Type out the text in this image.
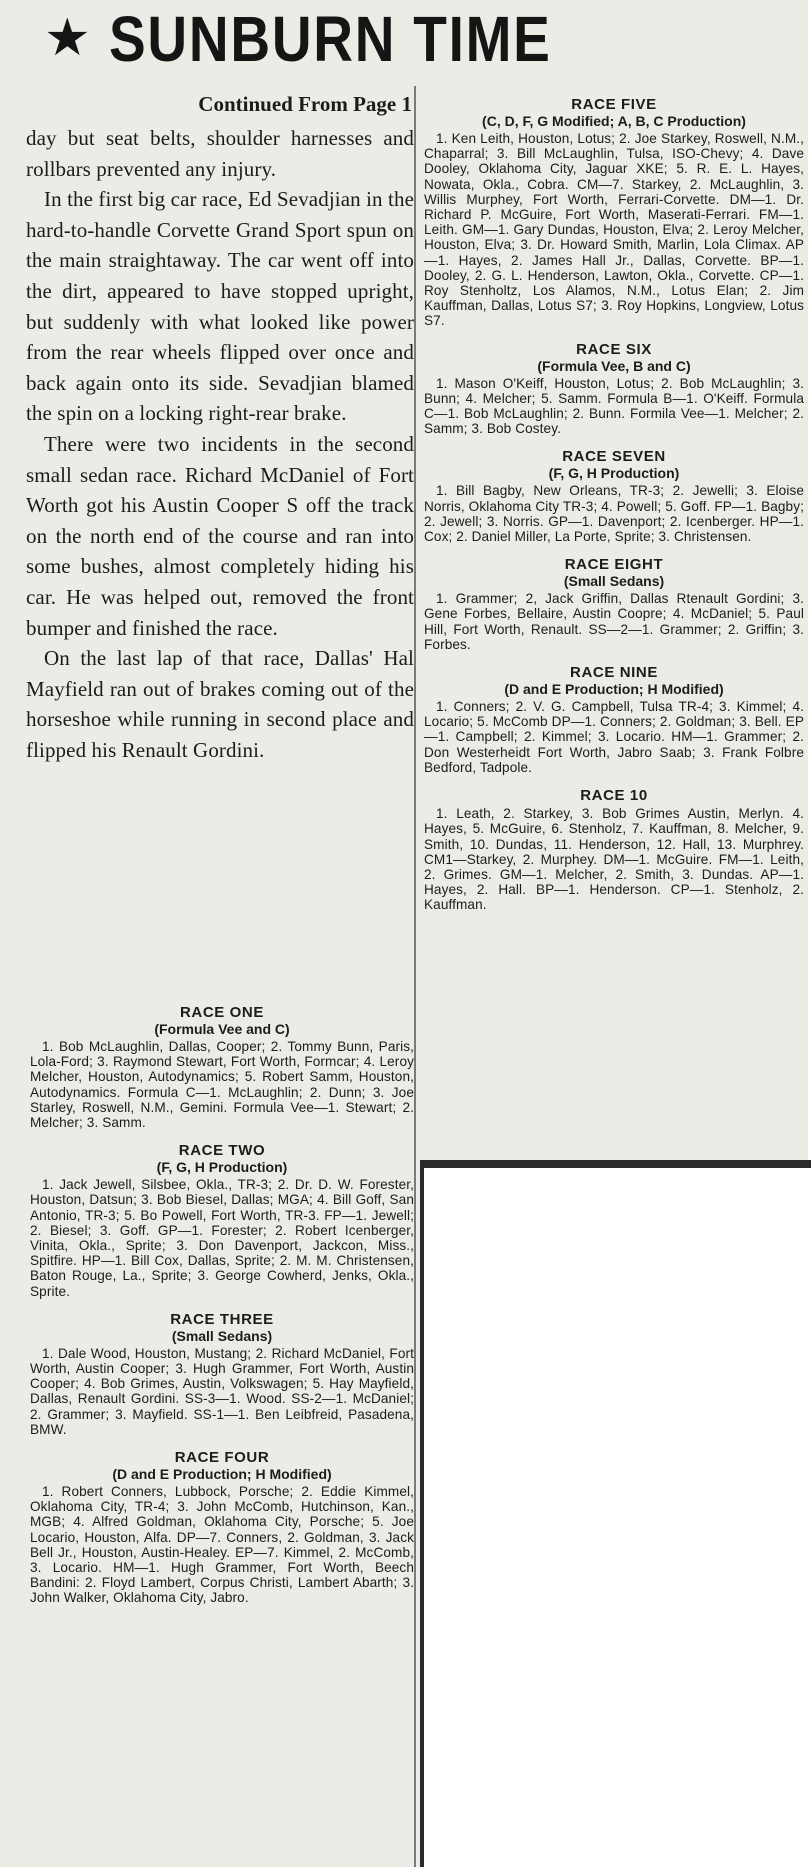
★ SUNBURN TIME

Continued From Page 1

day but seat belts, shoulder harnesses and rollbars prevented any injury.

In the first big car race, Ed Sevadjian in the hard-to-handle Corvette Grand Sport spun on the main straightaway. The car went off into the dirt, appeared to have stopped upright, but suddenly with what looked like power from the rear wheels flipped over once and back again onto its side. Sevadjian blamed the spin on a locking right-rear brake.

There were two incidents in the second small sedan race. Richard McDaniel of Fort Worth got his Austin Cooper S off the track on the north end of the course and ran into some bushes, almost completely hiding his car. He was helped out, removed the front bumper and finished the race.

On the last lap of that race, Dallas' Hal Mayfield ran out of brakes coming out of the horseshoe while running in second place and flipped his Renault Gordini.

RACE ONE

(Formula Vee and C)

1. Bob McLaughlin, Dallas, Cooper; 2. Tommy Bunn, Paris, Lola-Ford; 3. Raymond Stewart, Fort Worth, Formcar; 4. Leroy Melcher, Houston, Autodynamics; 5. Robert Samm, Houston, Autodynamics. Formula C—1. McLaughlin; 2. Dunn; 3. Joe Starley, Roswell, N.M., Gemini. Formula Vee—1. Stewart; 2. Melcher; 3. Samm.

RACE TWO

(F, G, H Production)

1. Jack Jewell, Silsbee, Okla., TR-3; 2. Dr. D. W. Forester, Houston, Datsun; 3. Bob Biesel, Dallas; MGA; 4. Bill Goff, San Antonio, TR-3; 5. Bo Powell, Fort Worth, TR-3. FP—1. Jewell; 2. Biesel; 3. Goff. GP—1. Forester; 2. Robert Icenberger, Vinita, Okla., Sprite; 3. Don Davenport, Jackcon, Miss., Spitfire. HP—1. Bill Cox, Dallas, Sprite; 2. M. M. Christensen, Baton Rouge, La., Sprite; 3. George Cowherd, Jenks, Okla., Sprite.

RACE THREE

(Small Sedans)

1. Dale Wood, Houston, Mustang; 2. Richard McDaniel, Fort Worth, Austin Cooper; 3. Hugh Grammer, Fort Worth, Austin Cooper; 4. Bob Grimes, Austin, Volkswagen; 5. Hay Mayfield, Dallas, Renault Gordini. SS-3—1. Wood. SS-2—1. McDaniel; 2. Grammer; 3. Mayfield. SS-1—1. Ben Leibfreid, Pasadena, BMW.

RACE FOUR

(D and E Production; H Modified)

1. Robert Conners, Lubbock, Porsche; 2. Eddie Kimmel, Oklahoma City, TR-4; 3. John McComb, Hutchinson, Kan., MGB; 4. Alfred Goldman, Oklahoma City, Porsche; 5. Joe Locario, Houston, Alfa. DP—7. Conners, 2. Goldman, 3. Jack Bell Jr., Houston, Austin-Healey. EP—7. Kimmel, 2. McComb, 3. Locario. HM—1. Hugh Grammer, Fort Worth, Beech Bandini: 2. Floyd Lambert, Corpus Christi, Lambert Abarth; 3. John Walker, Oklahoma City, Jabro.

RACE FIVE

(C, D, F, G Modified; A, B, C Production)

1. Ken Leith, Houston, Lotus; 2. Joe Starkey, Roswell, N.M., Chaparral; 3. Bill McLaughlin, Tulsa, ISO-Chevy; 4. Dave Dooley, Oklahoma City, Jaguar XKE; 5. R. E. L. Hayes, Nowata, Okla., Cobra. CM—7. Starkey, 2. McLaughlin, 3. Willis Murphey, Fort Worth, Ferrari-Corvette. DM—1. Dr. Richard P. McGuire, Fort Worth, Maserati-Ferrari. FM—1. Leith. GM—1. Gary Dundas, Houston, Elva; 2. Leroy Melcher, Houston, Elva; 3. Dr. Howard Smith, Marlin, Lola Climax. AP—1. Hayes, 2. James Hall Jr., Dallas, Corvette. BP—1. Dooley, 2. G. L. Henderson, Lawton, Okla., Corvette. CP—1. Roy Stenholtz, Los Alamos, N.M., Lotus Elan; 2. Jim Kauffman, Dallas, Lotus S7; 3. Roy Hopkins, Longview, Lotus S7.

RACE SIX

(Formula Vee, B and C)

1. Mason O'Keiff, Houston, Lotus; 2. Bob McLaughlin; 3. Bunn; 4. Melcher; 5. Samm. Formula B—1. O'Keiff. Formula C—1. Bob McLaughlin; 2. Bunn. Formila Vee—1. Melcher; 2. Samm; 3. Bob Costey.

RACE SEVEN

(F, G, H Production)

1. Bill Bagby, New Orleans, TR-3; 2. Jewelli; 3. Eloise Norris, Oklahoma City TR-3; 4. Powell; 5. Goff. FP—1. Bagby; 2. Jewell; 3. Norris. GP—1. Davenport; 2. Icenberger. HP—1. Cox; 2. Daniel Miller, La Porte, Sprite; 3. Christensen.

RACE EIGHT

(Small Sedans)

1. Grammer; 2, Jack Griffin, Dallas Rtenault Gordini; 3. Gene Forbes, Bellaire, Austin Coopre; 4. McDaniel; 5. Paul Hill, Fort Worth, Renault. SS—2—1. Grammer; 2. Griffin; 3. Forbes.

RACE NINE

(D and E Production; H Modified)

1. Conners; 2. V. G. Campbell, Tulsa TR-4; 3. Kimmel; 4. Locario; 5. McComb DP—1. Conners; 2. Goldman; 3. Bell. EP—1. Campbell; 2. Kimmel; 3. Locario. HM—1. Grammer; 2. Don Westerheidt Fort Worth, Jabro Saab; 3. Frank Folbre Bedford, Tadpole.

RACE 10

1. Leath, 2. Starkey, 3. Bob Grimes Austin, Merlyn. 4. Hayes, 5. McGuire, 6. Stenholz, 7. Kauffman, 8. Melcher, 9. Smith, 10. Dundas, 11. Henderson, 12. Hall, 13. Murphrey. CM1—Starkey, 2. Murphey. DM—1. McGuire. FM—1. Leith, 2. Grimes. GM—1. Melcher, 2. Smith, 3. Dundas. AP—1. Hayes, 2. Hall. BP—1. Henderson. CP—1. Stenholz, 2. Kauffman.
